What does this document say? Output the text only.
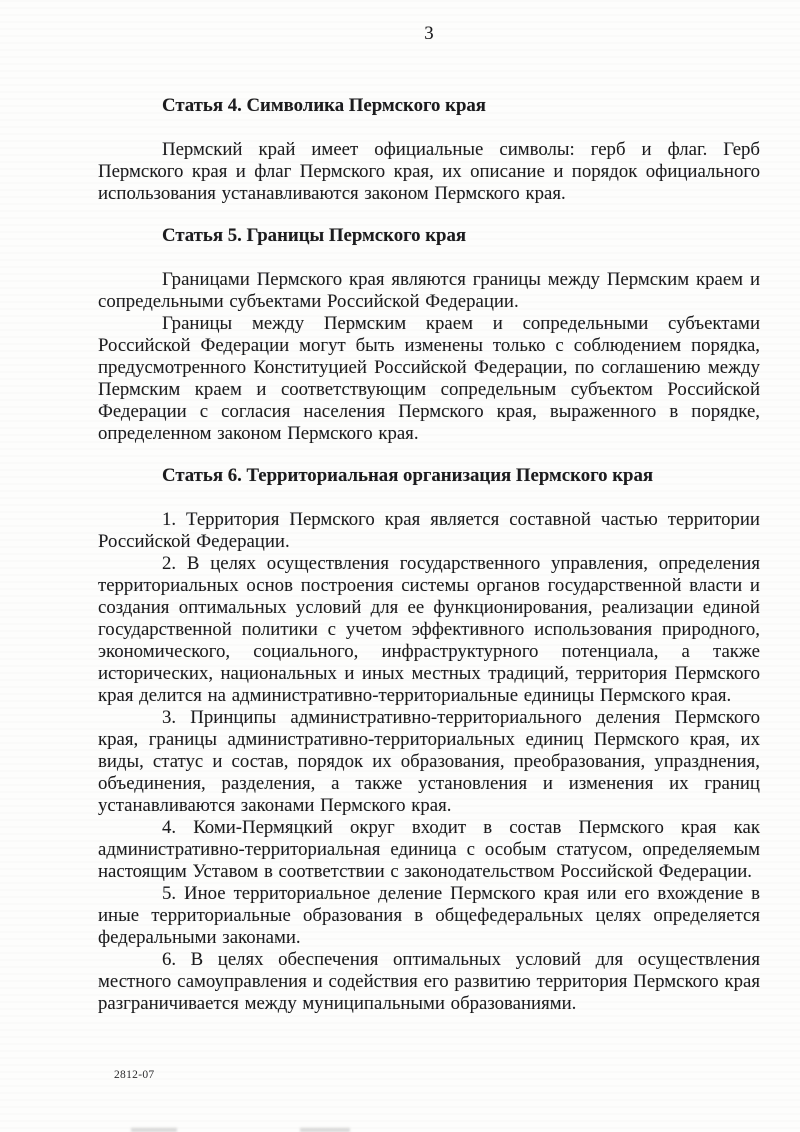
3
Статья 4. Символика Пермского края

Пермский край имеет официальные символы: герб и флаг. Герб Пермского края и флаг Пермского края, их описание и порядок официального использования устанавливаются законом Пермского края.

Статья 5. Границы Пермского края

Границами Пермского края являются границы между Пермским краем и сопредельными субъектами Российской Федерации.

Границы между Пермским краем и сопредельными субъектами Российской Федерации могут быть изменены только с соблюдением порядка, предусмотренного Конституцией Российской Федерации, по соглашению между Пермским краем и соответствующим сопредельным субъектом Российской Федерации с согласия населения Пермского края, выраженного в порядке, определенном законом Пермского края.

Статья 6. Территориальная организация Пермского края

1. Территория Пермского края является составной частью территории Российской Федерации.

2. В целях осуществления государственного управления, определения территориальных основ построения системы органов государственной власти и создания оптимальных условий для ее функционирования, реализации единой государственной политики с учетом эффективного использования природного, экономического, социального, инфраструктурного потенциала, а также исторических, национальных и иных местных традиций, территория Пермского края делится на административно-территориальные единицы Пермского края.

3. Принципы административно-территориального деления Пермского края, границы административно-территориальных единиц Пермского края, их виды, статус и состав, порядок их образования, преобразования, упразднения, объединения, разделения, а также установления и изменения их границ устанавливаются законами Пермского края.

4. Коми-Пермяцкий округ входит в состав Пермского края как административно-территориальная единица с особым статусом, определяемым настоящим Уставом в соответствии с законодательством Российской Федерации.

5. Иное территориальное деление Пермского края или его вхождение в иные территориальные образования в общефедеральных целях определяется федеральными законами.

6. В целях обеспечения оптимальных условий для осуществления местного самоуправления и содействия его развитию территория Пермского края разграничивается между муниципальными образованиями.

2812-07
